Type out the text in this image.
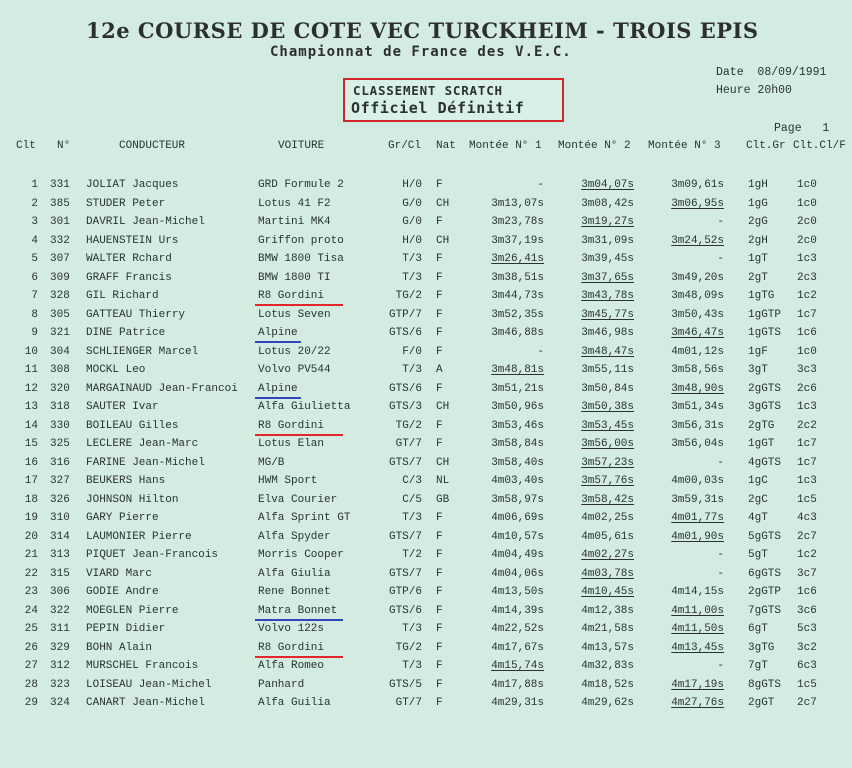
12e COURSE DE COTE VEC TURCKHEIM - TROIS EPIS
Championnat de France des V.E.C.
Date 08/09/1991
Heure 20h00
CLASSEMENT SCRATCH
Officiel Définitif
Page 1
Clt N°	CONDUCTEUR	VOITURE	Gr/Cl Nat Montée N° 1 Montée N° 2 Montée N° 3 Clt.Gr Clt.Cl/F
1 331	JOLIAT Jacques	GRD Formule 2	H/0 F	-	3m04,07s	3m09,61s 1gH	1c0
2 385	STUDER Peter	Lotus 41 F2	G/0 CH	3m13,07s	3m08,42s	3m06,95s 1gG	1c0
3 301	DAVRIL Jean-Michel	Martini MK4	G/0 F	3m23,78s	3m19,27s	- 2gG	2c0
4 332	HAUENSTEIN Urs	Griffon proto	H/0 CH	3m37,19s	3m31,09s	3m24,52s 2gH	2c0
5 307	WALTER Rchard	BMW 1800 Tisa	T/3 F	3m26,41s	3m39,45s	- 1gT	1c3
6 309	GRAFF Francis	BMW 1800 TI	T/3 F	3m38,51s	3m37,65s	3m49,20s 2gT	2c3
7 328	GIL Richard	R8 Gordini	TG/2 F	3m44,73s	3m43,78s	3m48,09s 1gTG	1c2
8 305	GATTEAU Thierry	Lotus Seven	GTP/7 F	3m52,35s	3m45,77s	3m50,43s 1gGTP	1c7
9 321	DINE Patrice	Alpine	GTS/6 F	3m46,88s	3m46,98s	3m46,47s 1gGTS	1c6
10 304	SCHLIENGER Marcel	Lotus 20/22	F/0 F	-	3m48,47s	4m01,12s 1gF	1c0
11 308	MOCKL Leo	Volvo PV544	T/3 A	3m48,81s	3m55,11s	3m58,56s 3gT	3c3
12 320	MARGAINAUD Jean-Francoi	Alpine	GTS/6 F	3m51,21s	3m50,84s	3m48,90s 2gGTS	2c6
13 318	SAUTER Ivar	Alfa Giulietta	GTS/3 CH	3m50,96s	3m50,38s	3m51,34s 3gGTS	1c3
14 330	BOILEAU Gilles	R8 Gordini	TG/2 F	3m53,46s	3m53,45s	3m56,31s 2gTG	2c2
15 325	LECLERE Jean-Marc	Lotus Elan	GT/7 F	3m58,84s	3m56,00s	3m56,04s 1gGT	1c7
16 316	FARINE Jean-Michel	MG/B	GTS/7 CH	3m58,40s	3m57,23s	- 4gGTS	1c7
17 327	BEUKERS Hans	HWM Sport	C/3 NL	4m03,40s	3m57,76s	4m00,03s 1gC	1c3
18 326	JOHNSON Hilton	Elva Courier	C/5 GB	3m58,97s	3m58,42s	3m59,31s 2gC	1c5
19 310	GARY Pierre	Alfa Sprint GT	T/3 F	4m06,69s	4m02,25s	4m01,77s 4gT	4c3
20 314	LAUMONIER Pierre	Alfa Spyder	GTS/7 F	4m10,57s	4m05,61s	4m01,90s 5gGTS	2c7
21 313	PIQUET Jean-Francois	Morris Cooper	T/2 F	4m04,49s	4m02,27s	- 5gT	1c2
22 315	VIARD Marc	Alfa Giulia	GTS/7 F	4m04,06s	4m03,78s	- 6gGTS	3c7
23 306	GODIE Andre	Rene Bonnet	GTP/6 F	4m13,50s	4m10,45s	4m14,15s 2gGTP	1c6
24 322	MOEGLEN Pierre	Matra Bonnet	GTS/6 F	4m14,39s	4m12,38s	4m11,00s 7gGTS	3c6
25 311	PEPIN Didier	Volvo 122s	T/3 F	4m22,52s	4m21,58s	4m11,50s 6gT	5c3
26 329	BOHN Alain	R8 Gordini	TG/2 F	4m17,67s	4m13,57s	4m13,45s 3gTG	3c2
27 312	MURSCHEL Francois	Alfa Romeo	T/3 F	4m15,74s	4m32,83s	- 7gT	6c3
28 323	LOISEAU Jean-Michel	Panhard	GTS/5 F	4m17,88s	4m18,52s	4m17,19s 8gGTS	1c5
29 324	CANART Jean-Michel	Alfa Guilia	GT/7 F	4m29,31s	4m29,62s	4m27,76s 2gGT	2c7
